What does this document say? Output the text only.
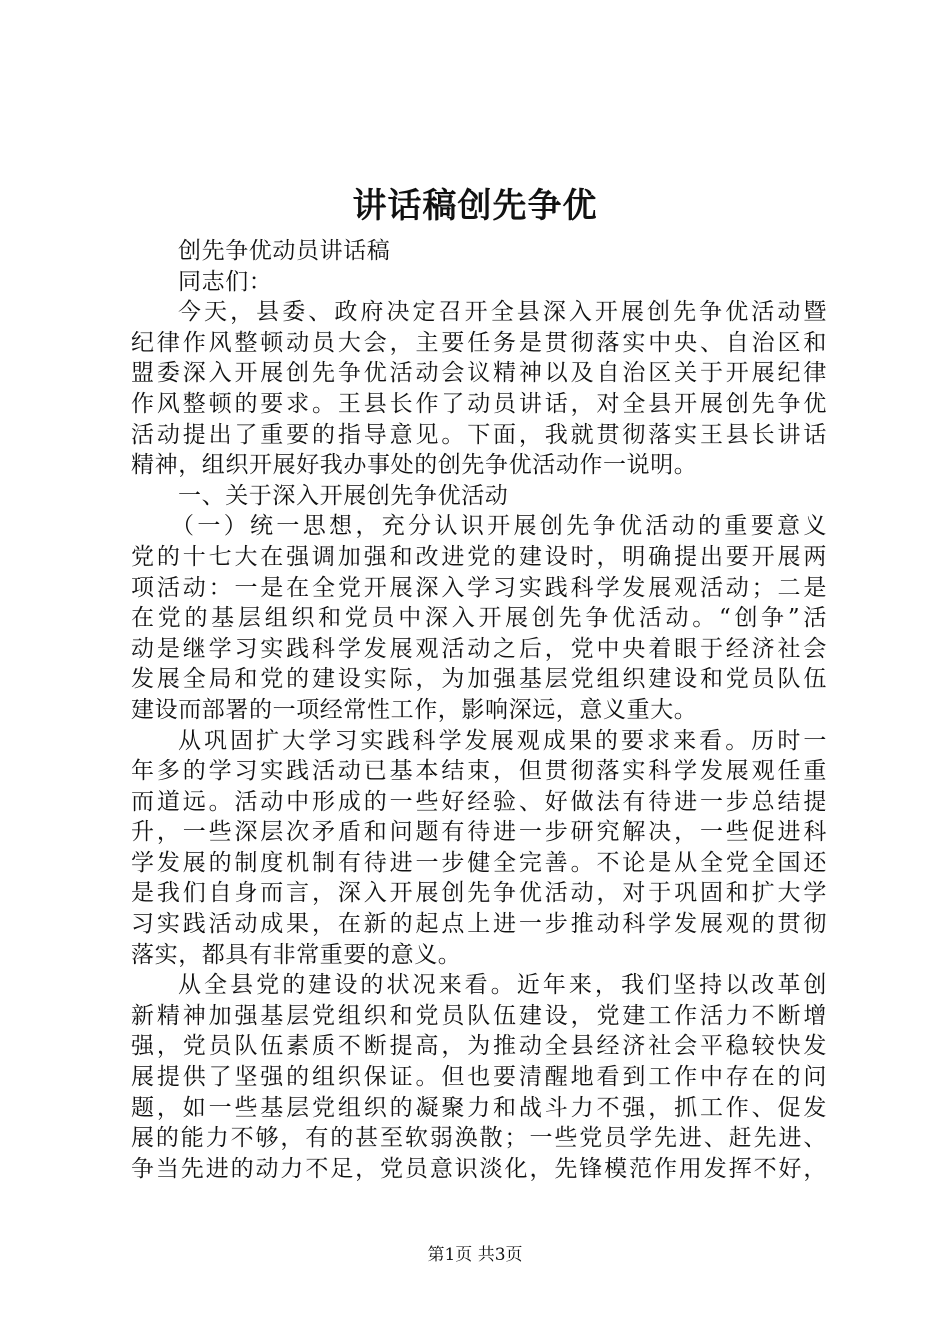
讲话稿创先争优
创先争优动员讲话稿
同志们：
今天，县委、政府决定召开全县深入开展创先争优活动暨
纪律作风整顿动员大会，主要任务是贯彻落实中央、自治区和
盟委深入开展创先争优活动会议精神以及自治区关于开展纪律
作风整顿的要求。王县长作了动员讲话，对全县开展创先争优
活动提出了重要的指导意见。下面，我就贯彻落实王县长讲话
精神，组织开展好我办事处的创先争优活动作一说明。
一、关于深入开展创先争优活动
（一）统一思想，充分认识开展创先争优活动的重要意义
党的十七大在强调加强和改进党的建设时，明确提出要开展两
项活动：一是在全党开展深入学习实践科学发展观活动；二是
在党的基层组织和党员中深入开展创先争优活动。“创争”活
动是继学习实践科学发展观活动之后，党中央着眼于经济社会
发展全局和党的建设实际，为加强基层党组织建设和党员队伍
建设而部署的一项经常性工作，影响深远，意义重大。
从巩固扩大学习实践科学发展观成果的要求来看。历时一
年多的学习实践活动已基本结束，但贯彻落实科学发展观任重
而道远。活动中形成的一些好经验、好做法有待进一步总结提
升，一些深层次矛盾和问题有待进一步研究解决，一些促进科
学发展的制度机制有待进一步健全完善。不论是从全党全国还
是我们自身而言，深入开展创先争优活动，对于巩固和扩大学
习实践活动成果，在新的起点上进一步推动科学发展观的贯彻
落实，都具有非常重要的意义。
从全县党的建设的状况来看。近年来，我们坚持以改革创
新精神加强基层党组织和党员队伍建设，党建工作活力不断增
强，党员队伍素质不断提高，为推动全县经济社会平稳较快发
展提供了坚强的组织保证。但也要清醒地看到工作中存在的问
题，如一些基层党组织的凝聚力和战斗力不强，抓工作、促发
展的能力不够，有的甚至软弱涣散；一些党员学先进、赶先进、
争当先进的动力不足，党员意识淡化，先锋模范作用发挥不好，
第1页 共3页
